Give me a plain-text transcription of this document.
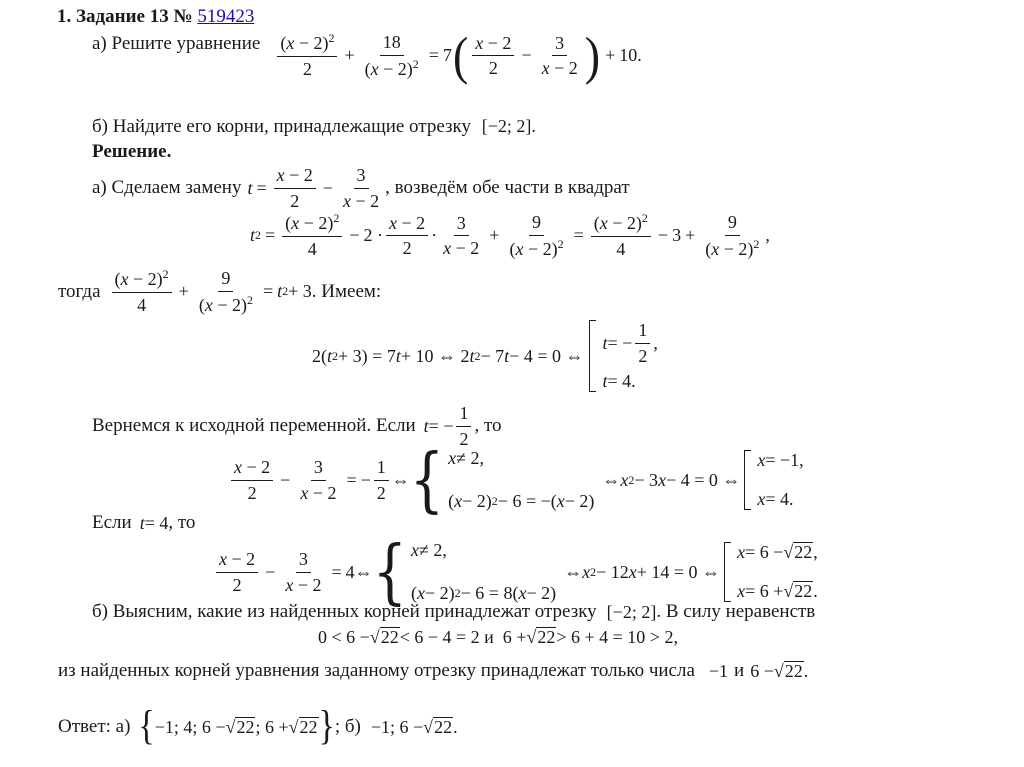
1. Задание 13 № 519423
а) Решите уравнение $\frac{(x - 2)^2}{2} + \frac{18}{(x - 2)^2} = 7$ ( $\frac{x - 2}{2} - \frac{3}{x - 2}$ ) + 10.
б) Найдите его корни, принадлежащие отрезку [−2; 2].
Решение.
а) Сделаем замену $t = \frac{x - 2}{2} - \frac{3}{x - 2}$ , возведём обе части в квадрат
t $2 = \frac{(x - 2)^2}{4} - 2 \cdot \frac{x - 2}{2} \cdot \frac{3}{x - 2} + \frac{9}{(x - 2)^2} = \frac{(x - 2)^2}{4} - 3 + \frac{9}{(x - 2)^2}$ ,
тогда $\frac{(x - 2)^2}{4} + \frac{9}{(x - 2)^2} = t$ 2 + 3 . Имеем:
2( t 2 + 3) = 7 t + 10 ⇔ 2 t 2 − 7 t − 4 = 0 ⇔
t = − $\frac{1}{2}$ ,
t = 4.
Вернемся к исходной переменной. Если t = − $\frac{1}{2}$ , то
$\frac{x - 2}{2} - \frac{3}{x - 2}$ = − $\frac{1}{2}$ ⇔ { x ≠ 2,
( x − 2) 2 − 6 = −( x − 2)
⇔ x 2 − 3 x − 4 = 0 ⇔
x = −1,
x = 4.
Если t = 4 , то
$\frac{x - 2}{2} - \frac{3}{x - 2}$ = 4⇔ { x ≠ 2,
( x − 2) 2 − 6 = 8( x − 2)
⇔ x 2 − 12 x + 14 = 0 ⇔
x = 6 − √ 22 ,
x = 6 + √ 22 .
б) Выясним, какие из найденных корней принадлежат отрезку [−2; 2] . В силу неравенств
0 < 6 − √ 22 < 6 − 4 = 2 и  6 + √ 22 > 6 + 4 = 10 > 2,
из найденных корней уравнения заданному отрезку принадлежат только числа −1 и 6 − √ 22 .
Ответ: а) { −1; 4; 6 − √ 22 ; 6 + √ 22 } ; б) −1; 6 − √ 22 .
